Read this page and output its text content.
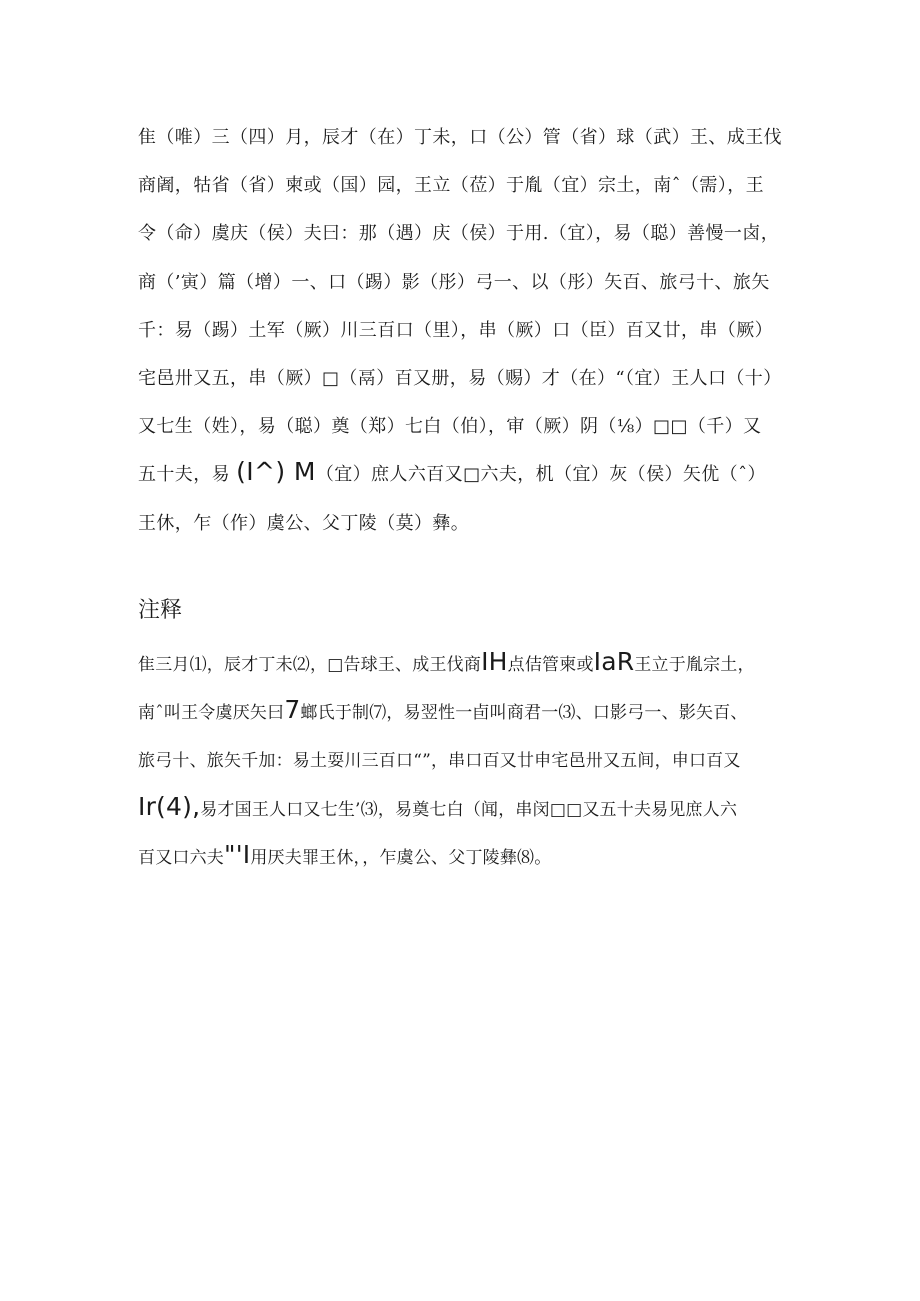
隹（唯）三（四）月，辰才（在）丁未，口（公）管（省）球（武）王、成王伐
商阇，牯省（省）柬或（国）园，王立（莅）于胤（宜）宗土，南ˆ（需），王
令（命）虞庆（侯）夫曰：那（遇）庆（侯）于用.（宜），易（聪）善慢一卤，
商（’寅）篇（增）一、口（踢）影（彤）弓一、以（彤）矢百、旅弓十、旅矢
千：易（踢）土军（厥）川三百口（里），串（厥）口（臣）百又廿，串（厥）
宅邑卅又五，串（厥）□（鬲）百又册，易（赐）才（在）“（宜）王人口（十）
又七生（姓），易（聪）奠（郑）七白（伯），审（厥）阴（⅛）□□（千）又
五十夫，易 (I^) M（宜）庶人六百又□六夫，机（宜）灰（侯）矢优（ˆ）
王休，乍（作）虞公、父丁陵（莫）彝。
注释
隹三月⑴，辰才丁未⑵，□告球王、成王伐商IH点佶管柬或IaR王立于胤宗土，
南ˆ叫王令虞厌矢曰7螂氏于制⑺，易翌性一卣叫商君一⑶、口影弓一、影矢百、
旅弓十、旅矢千加：易土耍川三百口“”，串口百又廿申宅邑卅又五间，申口百又
Ir(4),易才国王人口又七生’⑶，易奠七白（闻，串闵□□又五十夫易见庶人六
百又口六夫"'I用厌夫罪王休，，乍虞公、父丁陵彝⑻。
